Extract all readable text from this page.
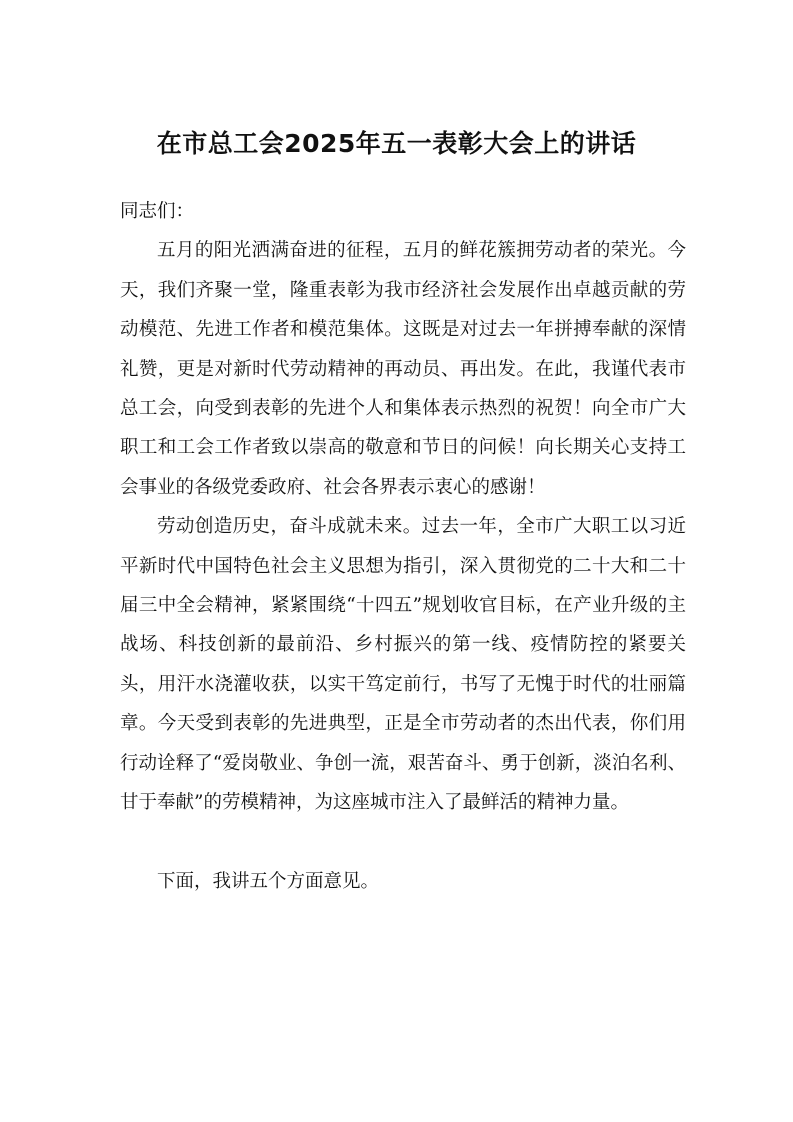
在市总工会2025年五一表彰大会上的讲话

同志们：

五月的阳光洒满奋进的征程，五月的鲜花簇拥劳动者的荣光。今天，我们齐聚一堂，隆重表彰为我市经济社会发展作出卓越贡献的劳动模范、先进工作者和模范集体。这既是对过去一年拼搏奉献的深情礼赞，更是对新时代劳动精神的再动员、再出发。在此，我谨代表市总工会，向受到表彰的先进个人和集体表示热烈的祝贺！向全市广大职工和工会工作者致以崇高的敬意和节日的问候！向长期关心支持工会事业的各级党委政府、社会各界表示衷心的感谢！

劳动创造历史，奋斗成就未来。过去一年，全市广大职工以习近平新时代中国特色社会主义思想为指引，深入贯彻党的二十大和二十届三中全会精神，紧紧围绕“十四五”规划收官目标，在产业升级的主战场、科技创新的最前沿、乡村振兴的第一线、疫情防控的紧要关头，用汗水浇灌收获，以实干笃定前行，书写了无愧于时代的壮丽篇章。今天受到表彰的先进典型，正是全市劳动者的杰出代表，你们用行动诠释了“爱岗敬业、争创一流，艰苦奋斗、勇于创新，淡泊名利、甘于奉献”的劳模精神，为这座城市注入了最鲜活的精神力量。

下面，我讲五个方面意见。
